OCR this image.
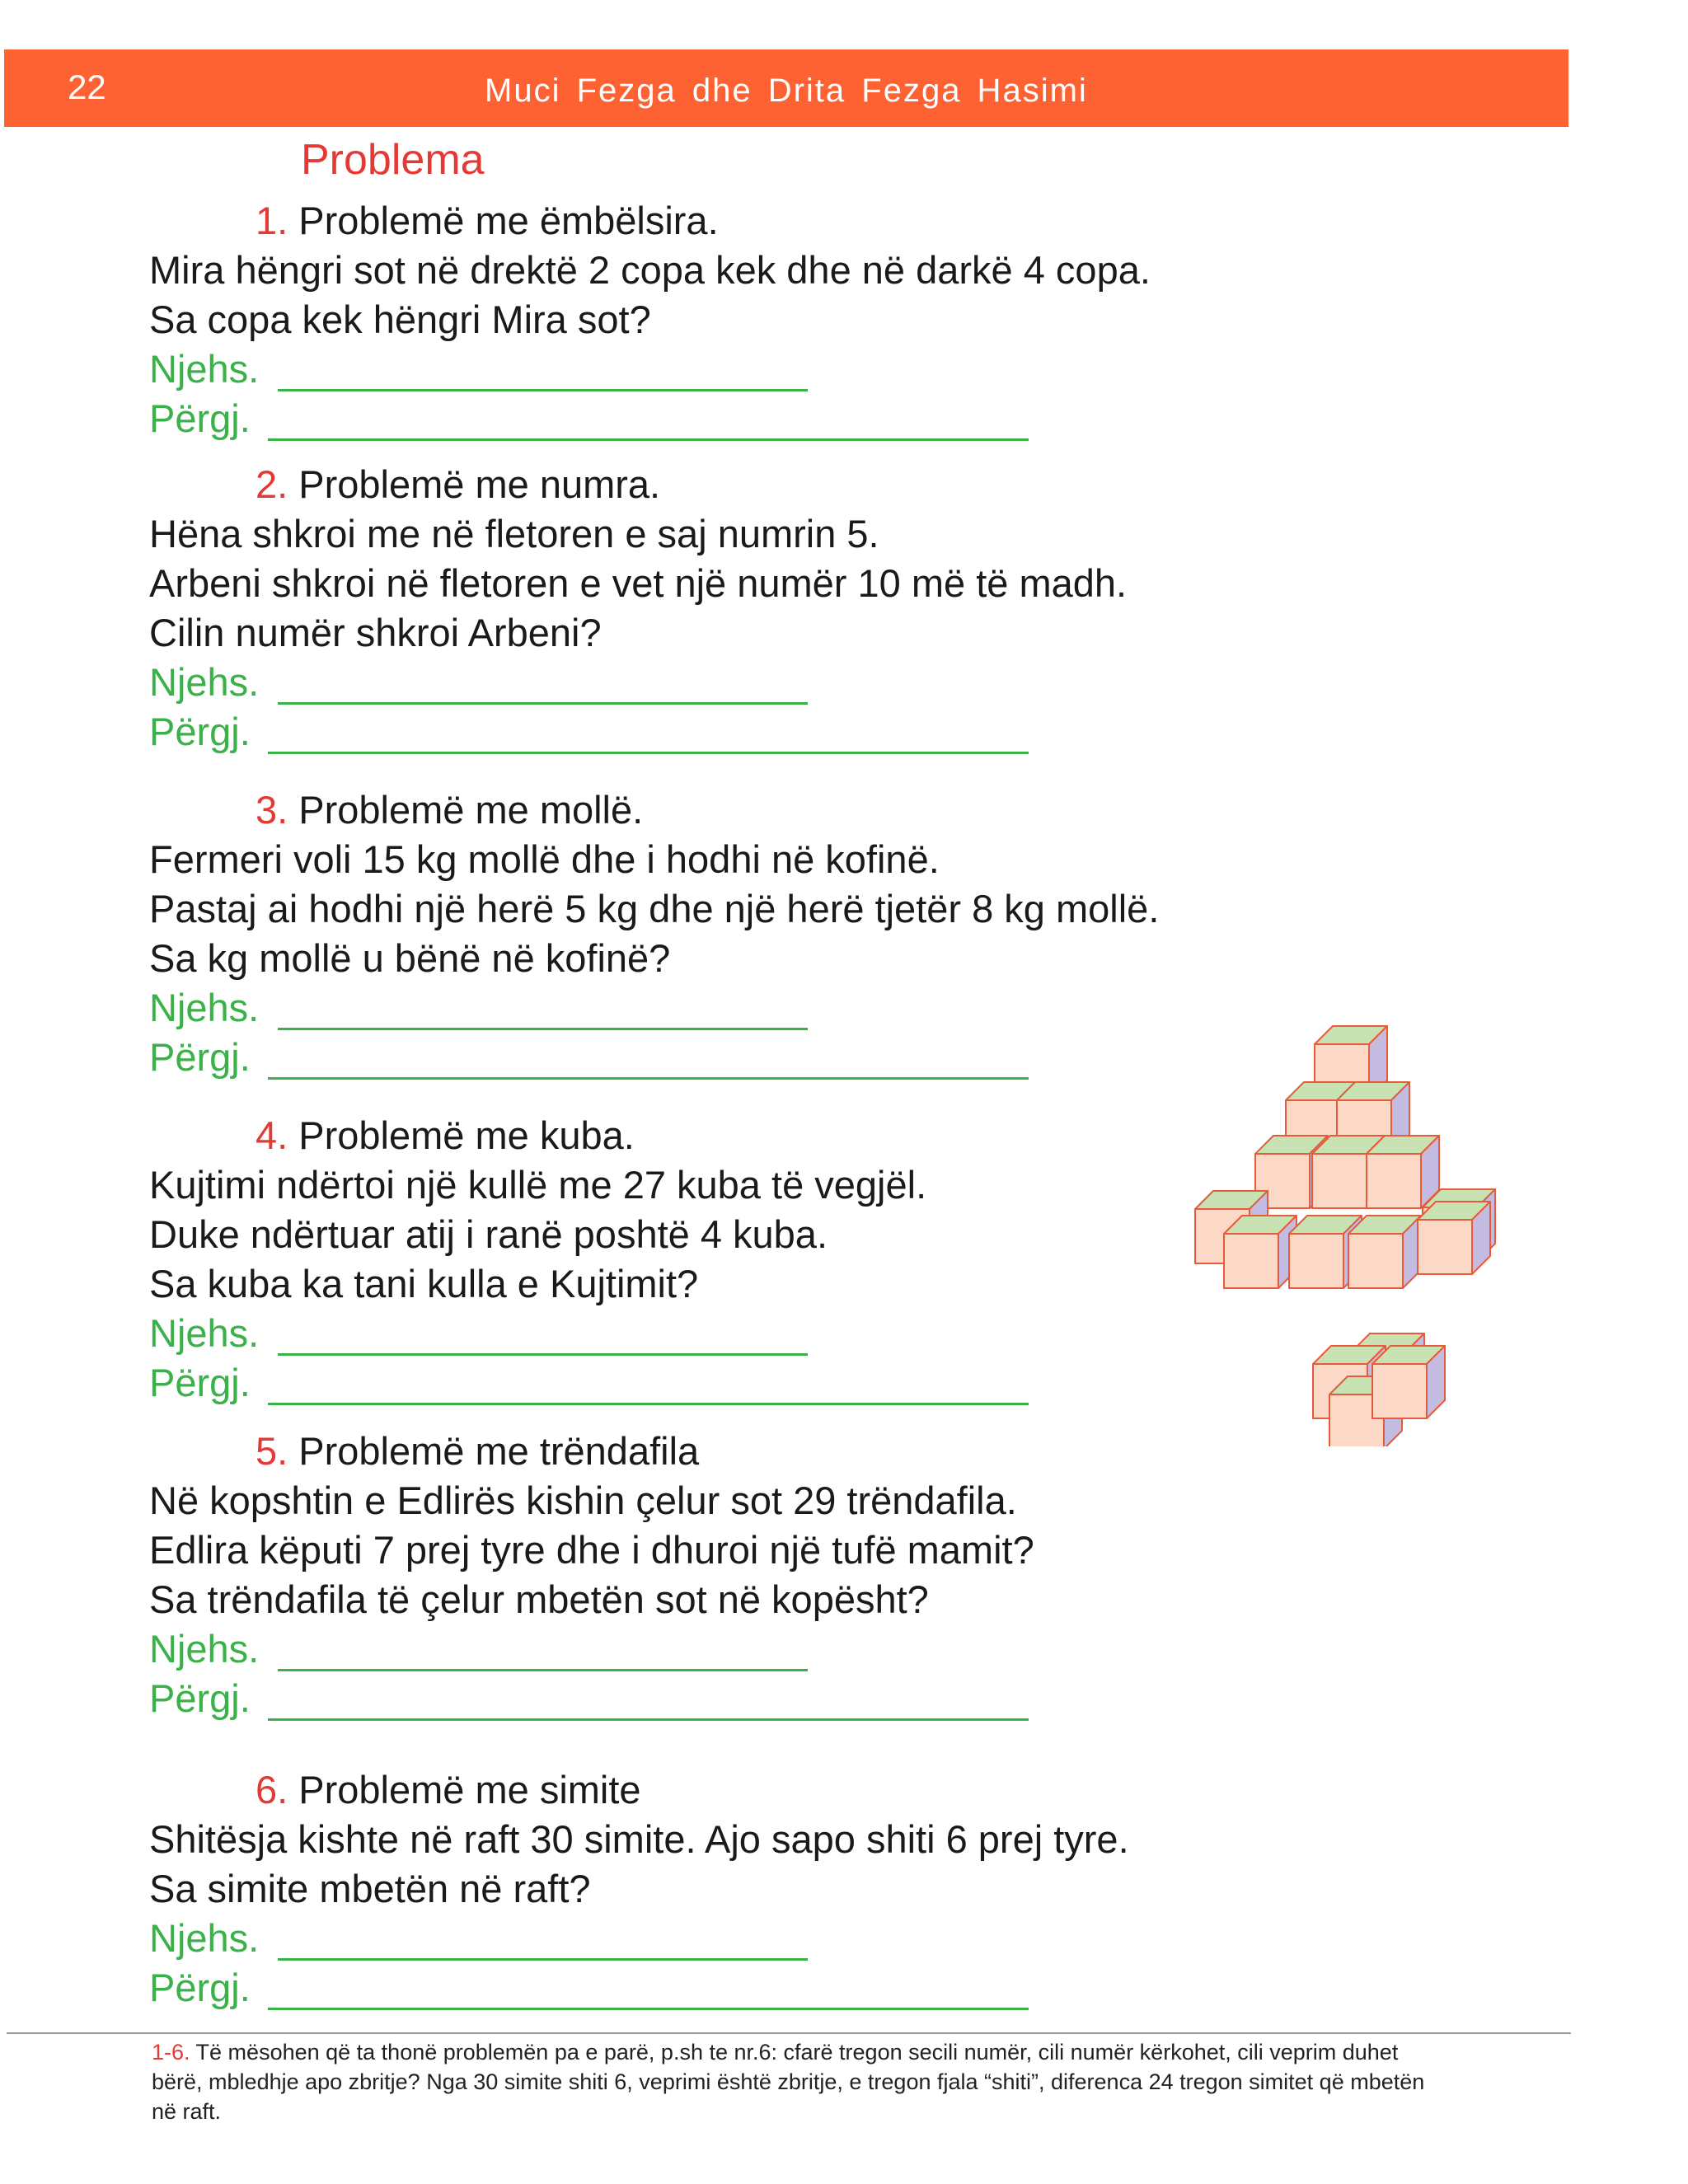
22	Muci Fezga dhe Drita Fezga Hasimi
Problema
1. Problemë me ëmbëlsira.
Mira hëngri sot në drektë 2 copa kek dhe në darkë 4 copa.
Sa copa kek hëngri Mira sot?
Njehs.
Përgj.
2. Problemë me numra.
Hëna shkroi me në fletoren e saj numrin 5.
Arbeni shkroi në fletoren e vet një numër 10 më të madh.
Cilin numër shkroi Arbeni?
Njehs.
Përgj.
3. Problemë me mollë.
Fermeri voli 15 kg mollë dhe i hodhi në kofinë.
Pastaj ai hodhi një herë 5 kg dhe një herë tjetër 8 kg mollë.
Sa kg mollë u bënë në kofinë?
Njehs.
Përgj.
4. Problemë me kuba.
Kujtimi ndërtoi një kullë me 27 kuba të vegjël.
Duke ndërtuar atij i ranë poshtë 4 kuba.
Sa kuba ka tani kulla e Kujtimit?
Njehs.
Përgj.
5. Problemë me trëndafila
Në kopshtin e Edlirës kishin çelur sot 29 trëndafila.
Edlira këputi 7 prej tyre dhe i dhuroi një tufë mamit?
Sa trëndafila të çelur mbetën sot në kopësht?
Njehs.
Përgj.
6. Problemë me simite
Shitësja kishte në raft 30 simite. Ajo sapo shiti 6 prej tyre.
Sa simite mbetën në raft?
Njehs.
Përgj.
1-6. Të mësohen që ta thonë problemën pa e parë, p.sh te nr.6: cfarë tregon secili numër, cili numër kërkohet, cili veprim duhet bërë, mbledhje apo zbritje? Nga 30 simite shiti 6, veprimi është zbritje, e tregon fjala “shiti”, diferenca 24 tregon simitet që mbetën në raft.
